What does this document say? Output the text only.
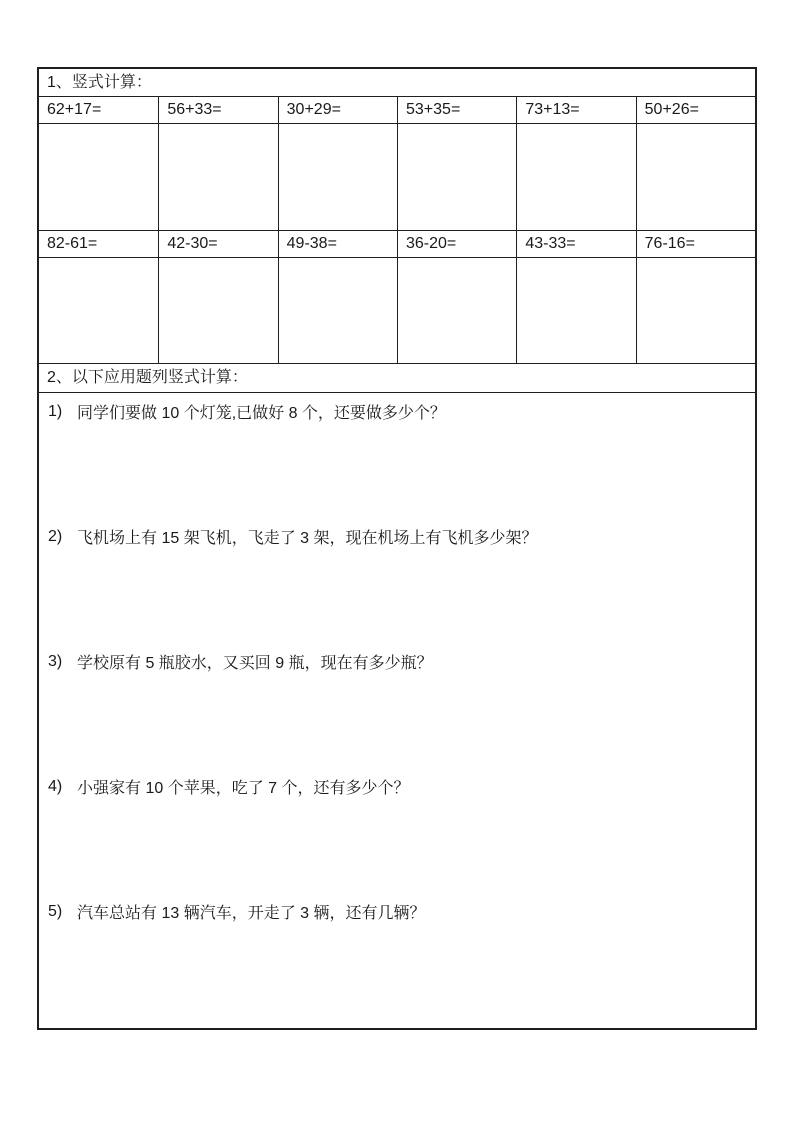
1、竖式计算：
62+17=	56+33=	30+29=	53+35=	73+13=	50+26=
82-61=	42-30=	49-38=	36-20=	43-33=	76-16=
2、以下应用题列竖式计算：
1) 同学们要做 10 个灯笼,已做好 8 个，还要做多少个？
2) 飞机场上有 15 架飞机，飞走了 3 架，现在机场上有飞机多少架？
3) 学校原有 5 瓶胶水，又买回 9 瓶，现在有多少瓶？
4) 小强家有 10 个苹果，吃了 7 个，还有多少个？
5) 汽车总站有 13 辆汽车，开走了 3 辆，还有几辆？
